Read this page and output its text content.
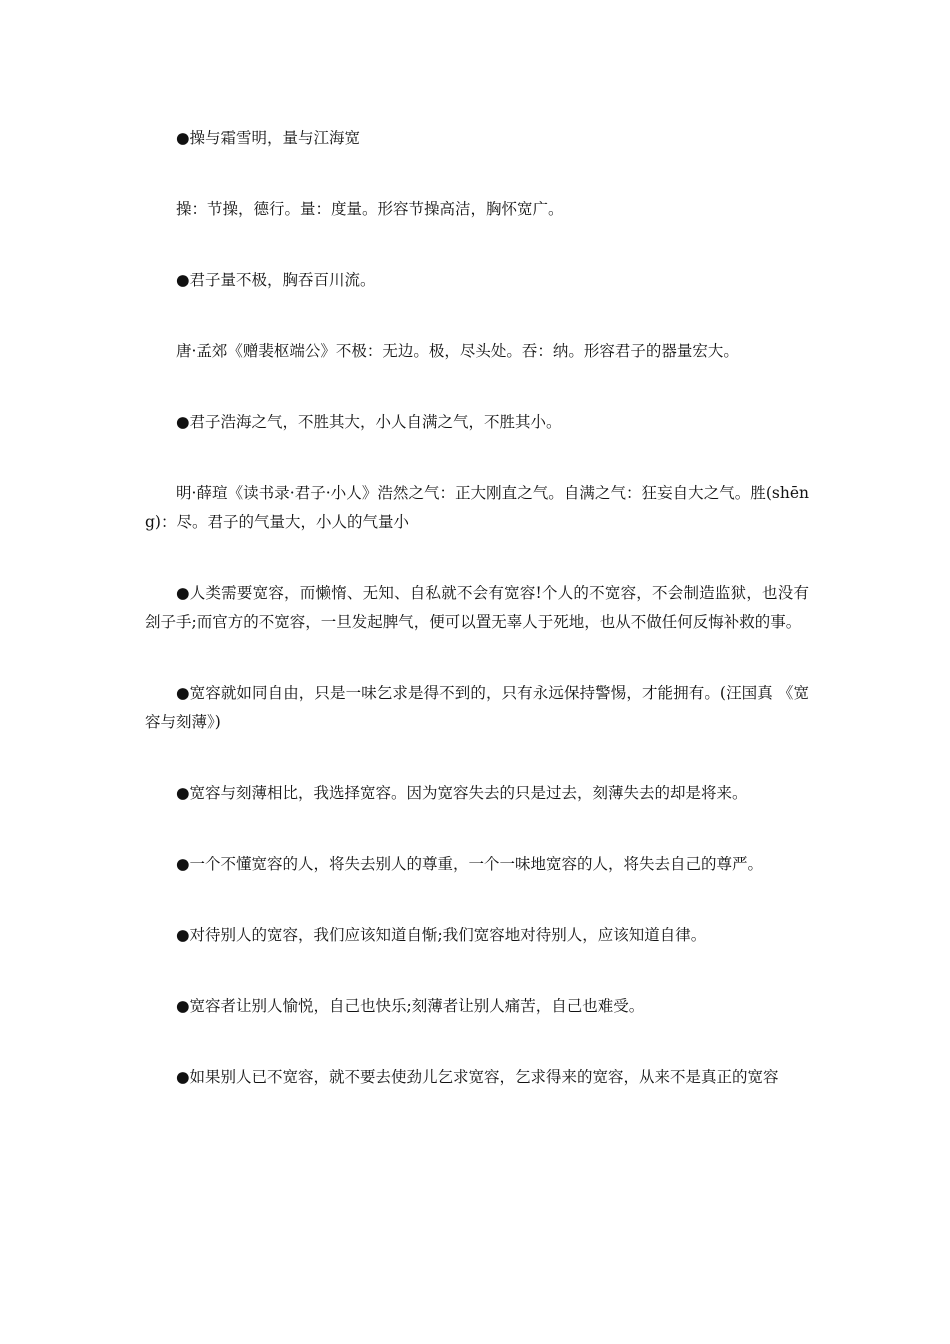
●操与霜雪明，量与江海宽

操：节操，德行。量：度量。形容节操高洁，胸怀宽广。

●君子量不极，胸吞百川流。

唐·孟郊《赠裴枢端公》不极：无边。极，尽头处。吞：纳。形容君子的器量宏大。

●君子浩海之气，不胜其大，小人自满之气，不胜其小。

明·薛瑄《读书录·君子·小人》浩然之气：正大刚直之气。自满之气：狂妄自大之气。胜(shēng)：尽。君子的气量大，小人的气量小

●人类需要宽容，而懒惰、无知、自私就不会有宽容!个人的不宽容，不会制造监狱，也没有刽子手;而官方的不宽容，一旦发起脾气，便可以置无辜人于死地，也从不做任何反悔补救的事。

●宽容就如同自由，只是一味乞求是得不到的，只有永远保持警惕，才能拥有。(汪国真 《宽容与刻薄》)

●宽容与刻薄相比，我选择宽容。因为宽容失去的只是过去，刻薄失去的却是将来。

●一个不懂宽容的人，将失去别人的尊重，一个一味地宽容的人，将失去自己的尊严。

●对待别人的宽容，我们应该知道自惭;我们宽容地对待别人，应该知道自律。

●宽容者让别人愉悦，自己也快乐;刻薄者让别人痛苦，自己也难受。

●如果别人已不宽容，就不要去使劲儿乞求宽容，乞求得来的宽容，从来不是真正的宽容
